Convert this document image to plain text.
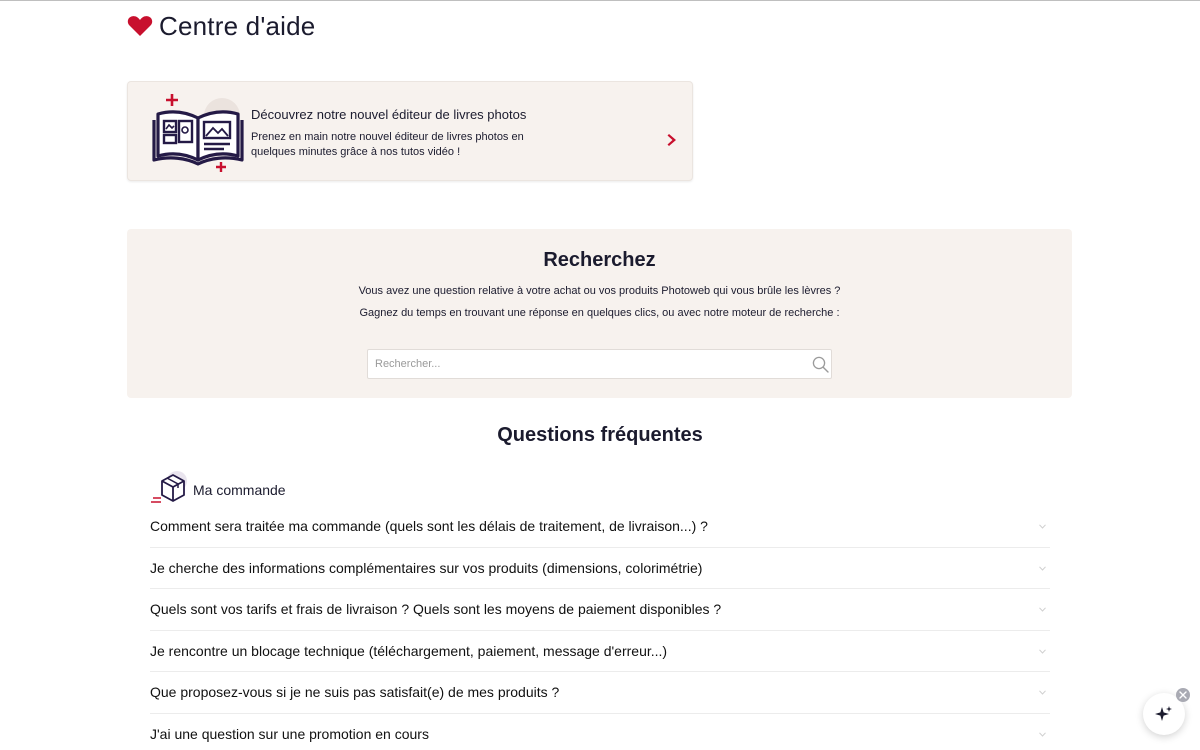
Centre d'aide
Découvrez notre nouvel éditeur de livres photos
Prenez en main notre nouvel éditeur de livres photos en quelques minutes grâce à nos tutos vidéo !
Recherchez

Vous avez une question relative à votre achat ou vos produits Photoweb qui vous brûle les lèvres ?

Gagnez du temps en trouvant une réponse en quelques clics, ou avec notre moteur de recherche :

Rechercher...
Questions fréquentes
Ma commande
Comment sera traitée ma commande (quels sont les délais de traitement, de livraison...) ?
Je cherche des informations complémentaires sur vos produits (dimensions, colorimétrie)
Quels sont vos tarifs et frais de livraison ? Quels sont les moyens de paiement disponibles ?
Je rencontre un blocage technique (téléchargement, paiement, message d'erreur...)
Que proposez-vous si je ne suis pas satisfait(e) de mes produits ?
J'ai une question sur une promotion en cours
